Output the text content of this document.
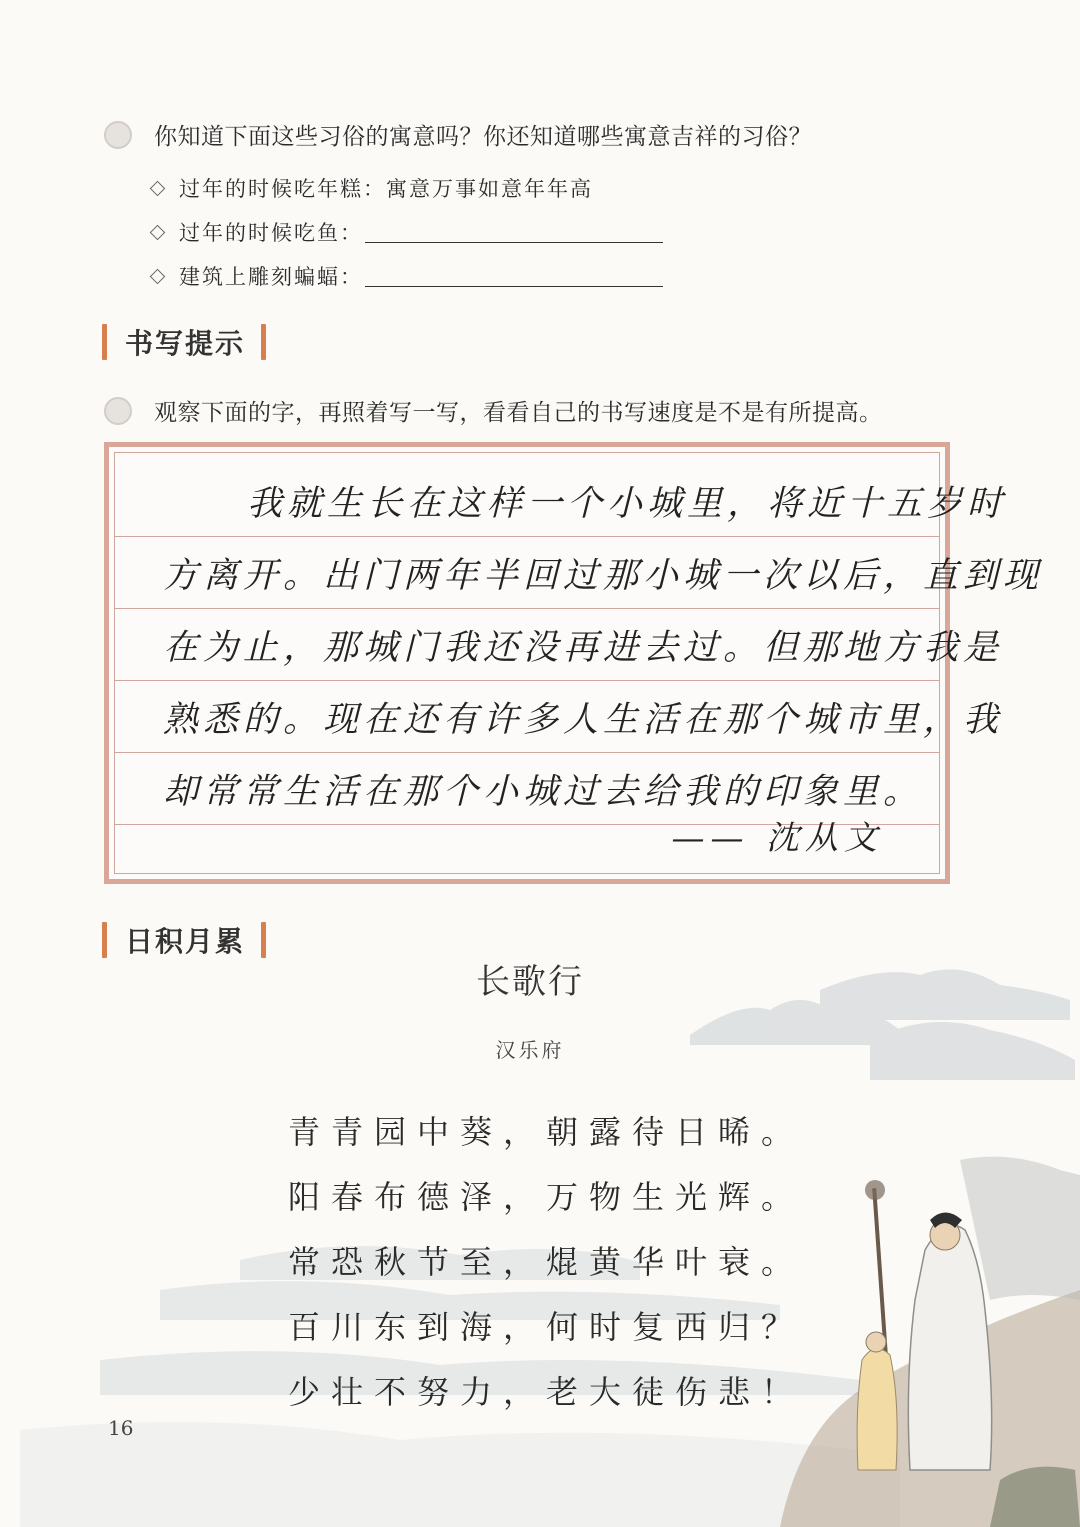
你知道下面这些习俗的寓意吗？你还知道哪些寓意吉祥的习俗？
过年的时候吃年糕：寓意万事如意年年高
过年的时候吃鱼：
建筑上雕刻蝙蝠：
书写提示
观察下面的字，再照着写一写，看看自己的书写速度是不是有所提高。
我就生长在这样一个小城里，将近十五岁时
方离开。出门两年半回过那小城一次以后，直到现
在为止，那城门我还没再进去过。但那地方我是
熟悉的。现在还有许多人生活在那个城市里，我
却常常生活在那个小城过去给我的印象里。
—— 沈从文
日积月累
长歌行
汉乐府
青青园中葵，朝露待日晞。
阳春布德泽，万物生光辉。
常恐秋节至，焜黄华叶衰。
百川东到海，何时复西归？
少壮不努力，老大徒伤悲！
16
